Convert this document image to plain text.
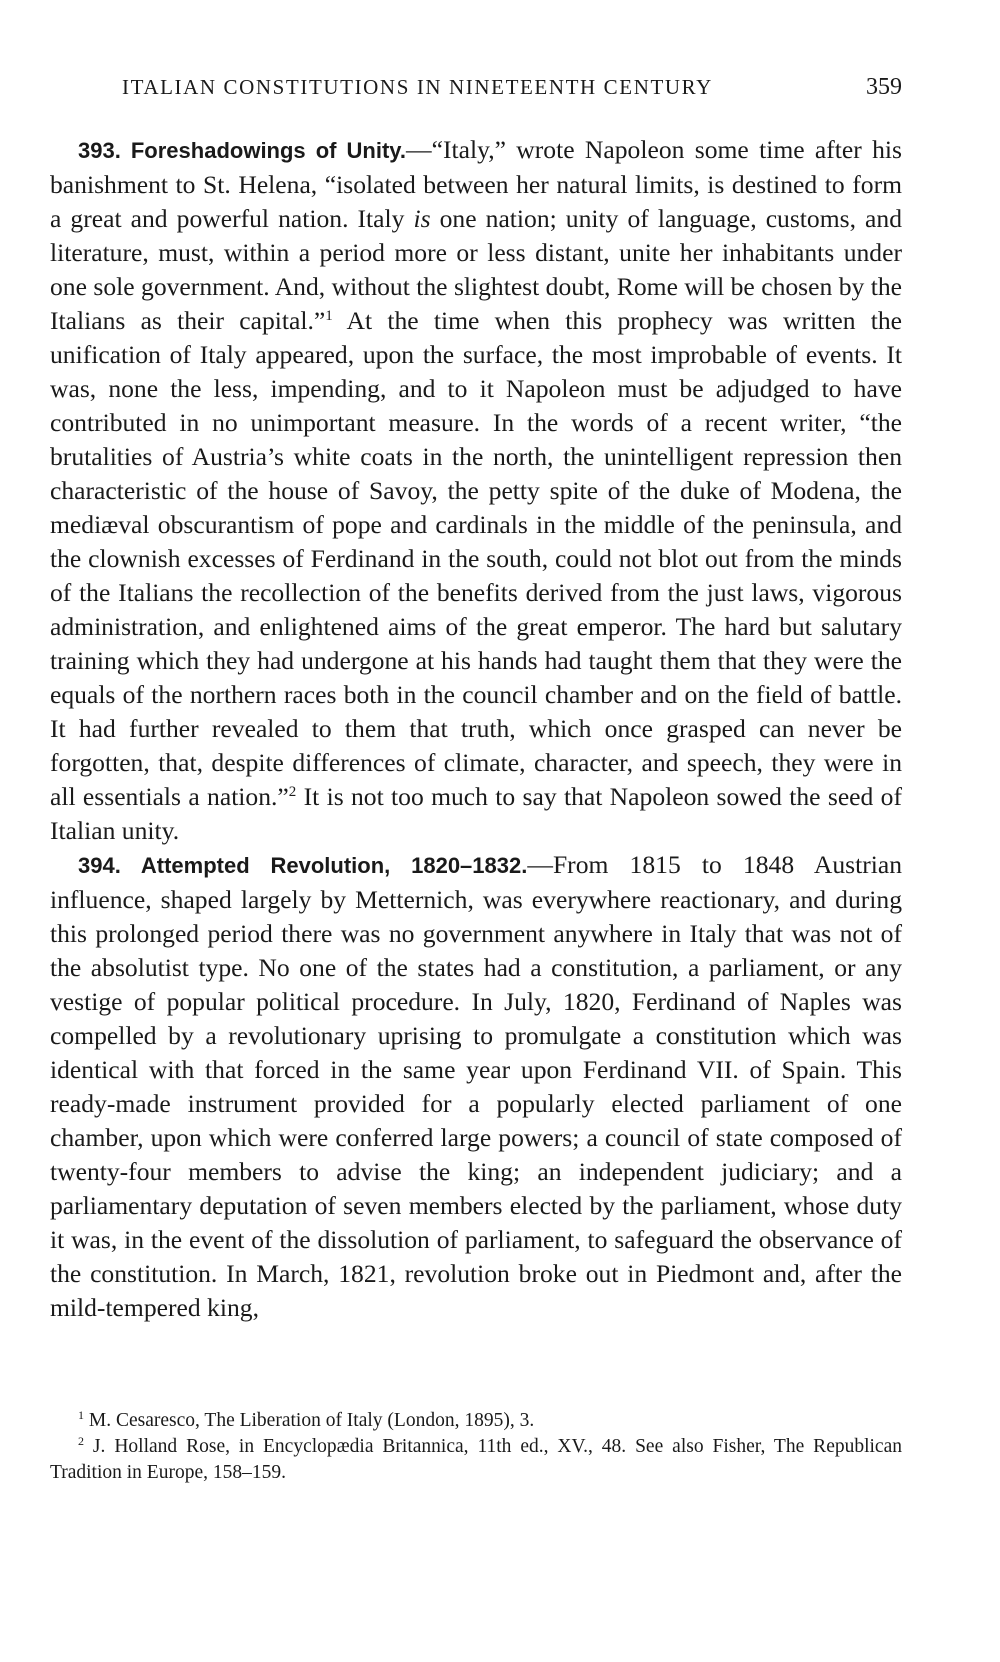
ITALIAN CONSTITUTIONS IN NINETEENTH CENTURY	359

393. Foreshadowings of Unity.—“Italy,” wrote Napoleon some time after his banishment to St. Helena, “isolated between her natural limits, is destined to form a great and powerful nation. Italy is one nation; unity of language, customs, and literature, must, within a period more or less distant, unite her inhabitants under one sole government. And, without the slightest doubt, Rome will be chosen by the Italians as their capital.”$^1$ At the time when this prophecy was written the unification of Italy appeared, upon the surface, the most improbable of events. It was, none the less, impending, and to it Napoleon must be adjudged to have contributed in no unimportant measure. In the words of a recent writer, “the brutalities of Austria’s white coats in the north, the unintelligent repression then characteristic of the house of Savoy, the petty spite of the duke of Modena, the mediæval obscurantism of pope and cardinals in the middle of the peninsula, and the clownish excesses of Ferdinand in the south, could not blot out from the minds of the Italians the recollection of the benefits derived from the just laws, vigorous administration, and enlightened aims of the great emperor. The hard but salutary training which they had undergone at his hands had taught them that they were the equals of the northern races both in the council chamber and on the field of battle. It had further revealed to them that truth, which once grasped can never be forgotten, that, despite differences of climate, character, and speech, they were in all essentials a nation.”$^2$ It is not too much to say that Napoleon sowed the seed of Italian unity.

394. Attempted Revolution, 1820–1832.—From 1815 to 1848 Austrian influence, shaped largely by Metternich, was everywhere reactionary, and during this prolonged period there was no government anywhere in Italy that was not of the absolutist type. No one of the states had a constitution, a parliament, or any vestige of popular political procedure. In July, 1820, Ferdinand of Naples was compelled by a revolutionary uprising to promulgate a constitution which was identical with that forced in the same year upon Ferdinand VII. of Spain. This ready-made instrument provided for a popularly elected parliament of one chamber, upon which were conferred large powers; a council of state composed of twenty-four members to advise the king; an independent judiciary; and a parliamentary deputation of seven members elected by the parliament, whose duty it was, in the event of the dissolution of parliament, to safeguard the observance of the constitution. In March, 1821, revolution broke out in Piedmont and, after the mild-tempered king,

$^1$ M. Cesaresco, The Liberation of Italy (London, 1895), 3.

$^2$ J. Holland Rose, in Encyclopædia Britannica, 11th ed., XV., 48. See also Fisher, The Republican Tradition in Europe, 158–159.
